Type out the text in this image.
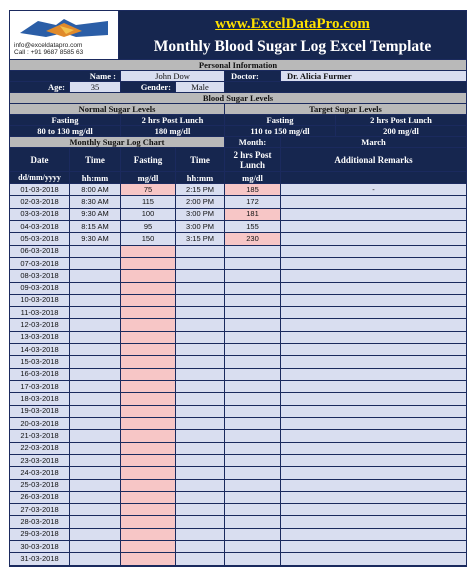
info@exceldatapro.com
Call : +91 9687 8585 63
www.ExcelDataPro.com
Monthly Blood Sugar Log Excel Template
Personal Information
Name :	John Dow	Doctor:	Dr. Alicia Furmer
Age:	35	Gender:	Male
Blood Sugar Levels
Normal Sugar Levels	Target Sugar Levels
Fasting	2 hrs Post Lunch	Fasting	2 hrs Post Lunch
80 to 130 mg/dl	180 mg/dl	110 to 150 mg/dl	200 mg/dl
Monthly Sugar Log Chart	Month:	March
Date	Time	Fasting	Time	2 hrs Post Lunch	Additional Remarks
dd/mm/yyyy	hh:mm	mg/dl	hh:mm	mg/dl
01-03-2018	8:00 AM	75	2:15 PM	185	-
02-03-2018	8:30 AM	115	2:00 PM	172
03-03-2018	9:30 AM	100	3:00 PM	181
04-03-2018	8:15 AM	95	3:00 PM	155
05-03-2018	9:30 AM	150	3:15 PM	230
06-03-2018
07-03-2018
08-03-2018
09-03-2018
10-03-2018
11-03-2018
12-03-2018
13-03-2018
14-03-2018
15-03-2018
16-03-2018
17-03-2018
18-03-2018
19-03-2018
20-03-2018
21-03-2018
22-03-2018
23-03-2018
24-03-2018
25-03-2018
26-03-2018
27-03-2018
28-03-2018
29-03-2018
30-03-2018
31-03-2018
